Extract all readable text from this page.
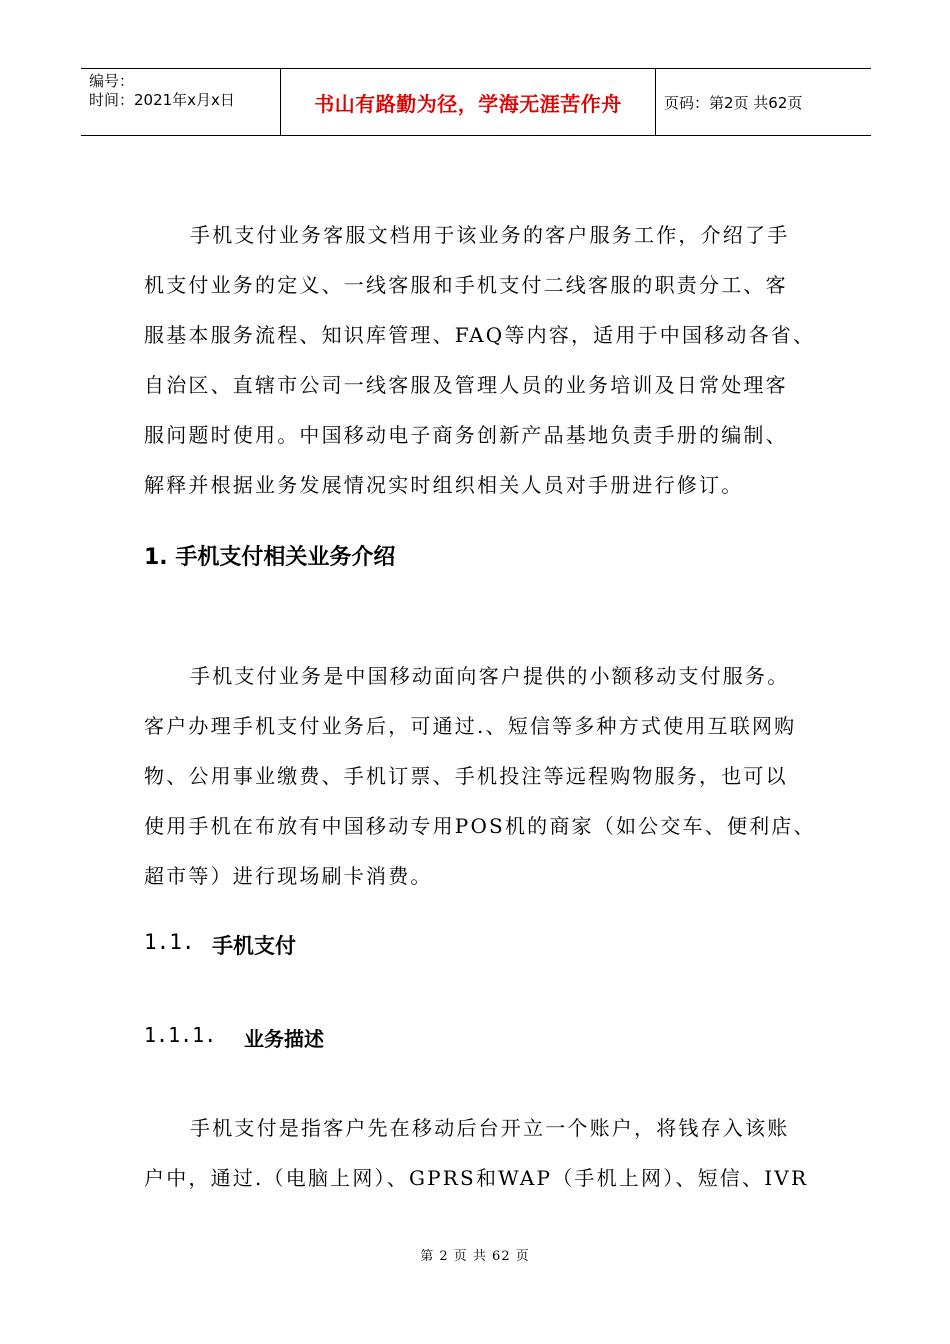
编号：
时间：2021年x月x日	书山有路勤为径，学海无涯苦作舟	页码：第2页 共62页

手机支付业务客服文档用于该业务的客户服务工作，介绍了手
机支付业务的定义、一线客服和手机支付二线客服的职责分工、客
服基本服务流程、知识库管理、FAQ等内容，适用于中国移动各省、
自治区、直辖市公司一线客服及管理人员的业务培训及日常处理客
服问题时使用。中国移动电子商务创新产品基地负责手册的编制、
解释并根据业务发展情况实时组织相关人员对手册进行修订。

1. 手机支付相关业务介绍

手机支付业务是中国移动面向客户提供的小额移动支付服务。
客户办理手机支付业务后，可通过.、短信等多种方式使用互联网购
物、公用事业缴费、手机订票、手机投注等远程购物服务，也可以
使用手机在布放有中国移动专用POS机的商家（如公交车、便利店、
超市等）进行现场刷卡消费。

1.1. 手机支付
1.1.1.	业务描述

手机支付是指客户先在移动后台开立一个账户，将钱存入该账
户中，通过.（电脑上网）、GPRS和WAP（手机上网）、短信、IVR

第 2 页 共 62 页
